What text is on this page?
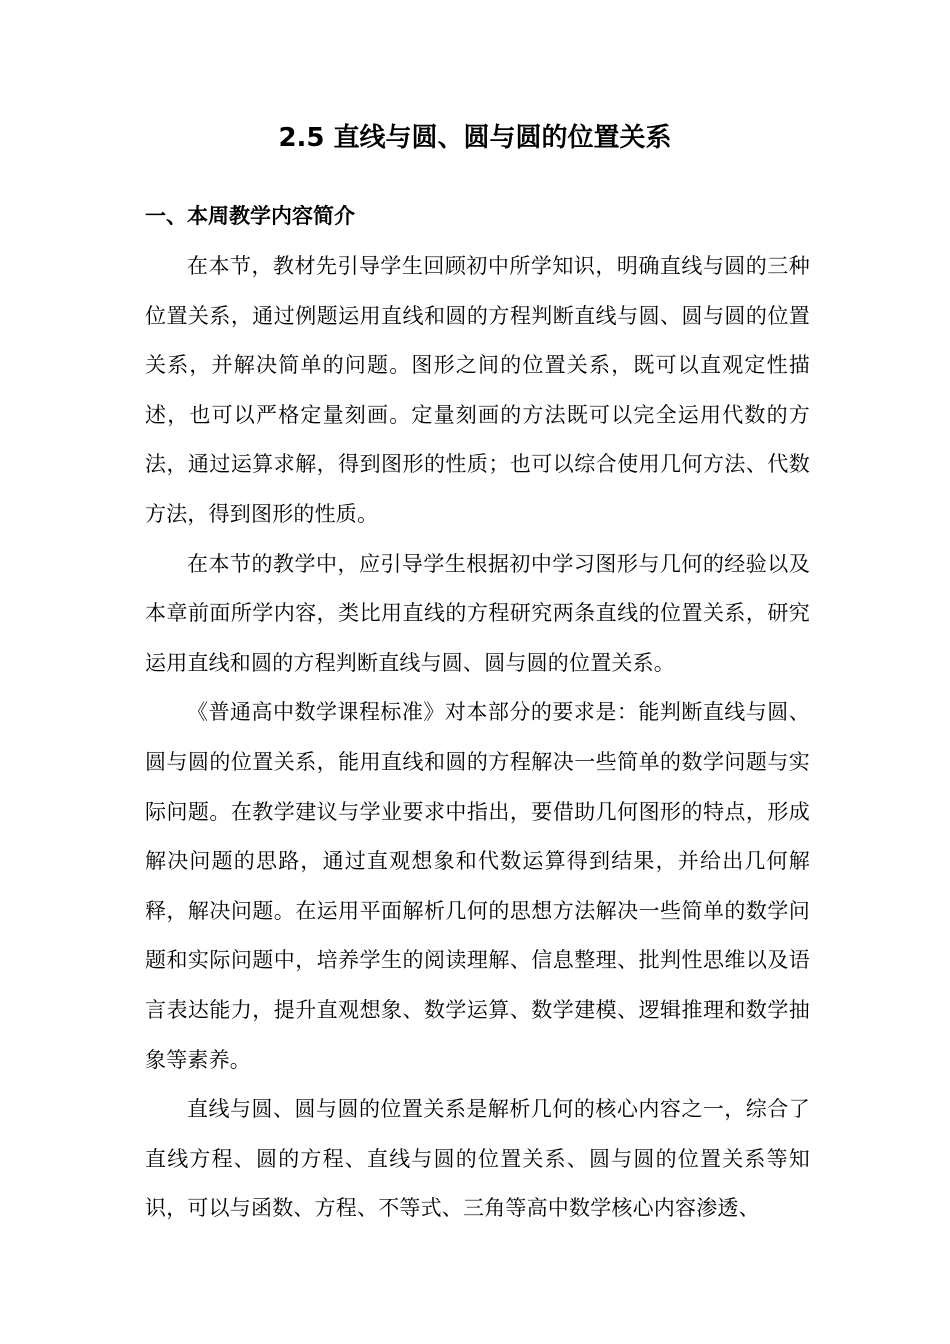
2.5 直线与圆、圆与圆的位置关系
一、本周教学内容简介

在本节，教材先引导学生回顾初中所学知识，明确直线与圆的三种位置关系，通过例题运用直线和圆的方程判断直线与圆、圆与圆的位置关系，并解决简单的问题。图形之间的位置关系，既可以直观定性描述，也可以严格定量刻画。定量刻画的方法既可以完全运用代数的方法，通过运算求解，得到图形的性质；也可以综合使用几何方法、代数方法，得到图形的性质。

在本节的教学中，应引导学生根据初中学习图形与几何的经验以及本章前面所学内容，类比用直线的方程研究两条直线的位置关系，研究运用直线和圆的方程判断直线与圆、圆与圆的位置关系。

《普通高中数学课程标准》对本部分的要求是：能判断直线与圆、圆与圆的位置关系，能用直线和圆的方程解决一些简单的数学问题与实际问题。在教学建议与学业要求中指出，要借助几何图形的特点，形成解决问题的思路，通过直观想象和代数运算得到结果，并给出几何解释，解决问题。在运用平面解析几何的思想方法解决一些简单的数学问题和实际问题中，培养学生的阅读理解、信息整理、批判性思维以及语言表达能力，提升直观想象、数学运算、数学建模、逻辑推理和数学抽象等素养。

直线与圆、圆与圆的位置关系是解析几何的核心内容之一，综合了直线方程、圆的方程、直线与圆的位置关系、圆与圆的位置关系等知识，可以与函数、方程、不等式、三角等高中数学核心内容渗透、
